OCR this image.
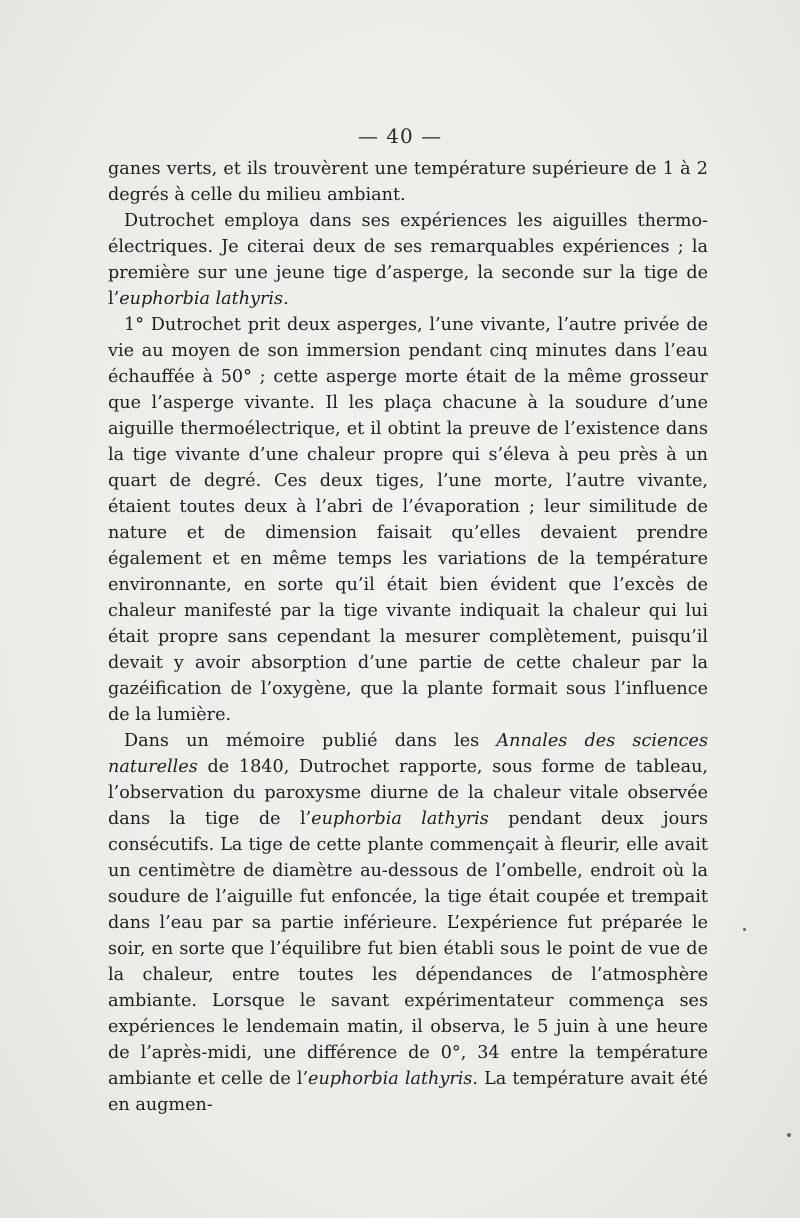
— 40 —

ganes verts, et ils trouvèrent une température supérieure de 1 à 2 degrés à celle du milieu ambiant.

Dutrochet employa dans ses expériences les aiguilles thermo-électriques. Je citerai deux de ses remarquables expériences ; la première sur une jeune tige d’asperge, la seconde sur la tige de l’euphorbia lathyris.

1° Dutrochet prit deux asperges, l’une vivante, l’autre privée de vie au moyen de son immersion pendant cinq minutes dans l’eau échauffée à 50° ; cette asperge morte était de la même grosseur que l’asperge vivante. Il les plaça chacune à la soudure d’une aiguille thermoélectrique, et il obtint la preuve de l’existence dans la tige vivante d’une chaleur propre qui s’éleva à peu près à un quart de degré. Ces deux tiges, l’une morte, l’autre vivante, étaient toutes deux à l’abri de l’évaporation ; leur similitude de nature et de dimension faisait qu’elles devaient prendre également et en même temps les variations de la température environnante, en sorte qu’il était bien évident que l’excès de chaleur manifesté par la tige vivante indiquait la chaleur qui lui était propre sans cependant la mesurer complètement, puisqu’il devait y avoir absorption d’une partie de cette chaleur par la gazéification de l’oxygène, que la plante formait sous l’influence de la lumière.

Dans un mémoire publié dans les Annales des sciences naturelles de 1840, Dutrochet rapporte, sous forme de tableau, l’observation du paroxysme diurne de la chaleur vitale observée dans la tige de l’euphorbia lathyris pendant deux jours consécutifs. La tige de cette plante commençait à fleurir, elle avait un centimètre de diamètre au-dessous de l’ombelle, endroit où la soudure de l’aiguille fut enfoncée, la tige était coupée et trempait dans l’eau par sa partie inférieure. L’expérience fut préparée le soir, en sorte que l’équilibre fut bien établi sous le point de vue de la chaleur, entre toutes les dépendances de l’atmosphère ambiante. Lorsque le savant expérimentateur commença ses expériences le lendemain matin, il observa, le 5 juin à une heure de l’après-midi, une différence de 0°, 34 entre la température ambiante et celle de l’euphorbia lathyris. La température avait été en augmen-
